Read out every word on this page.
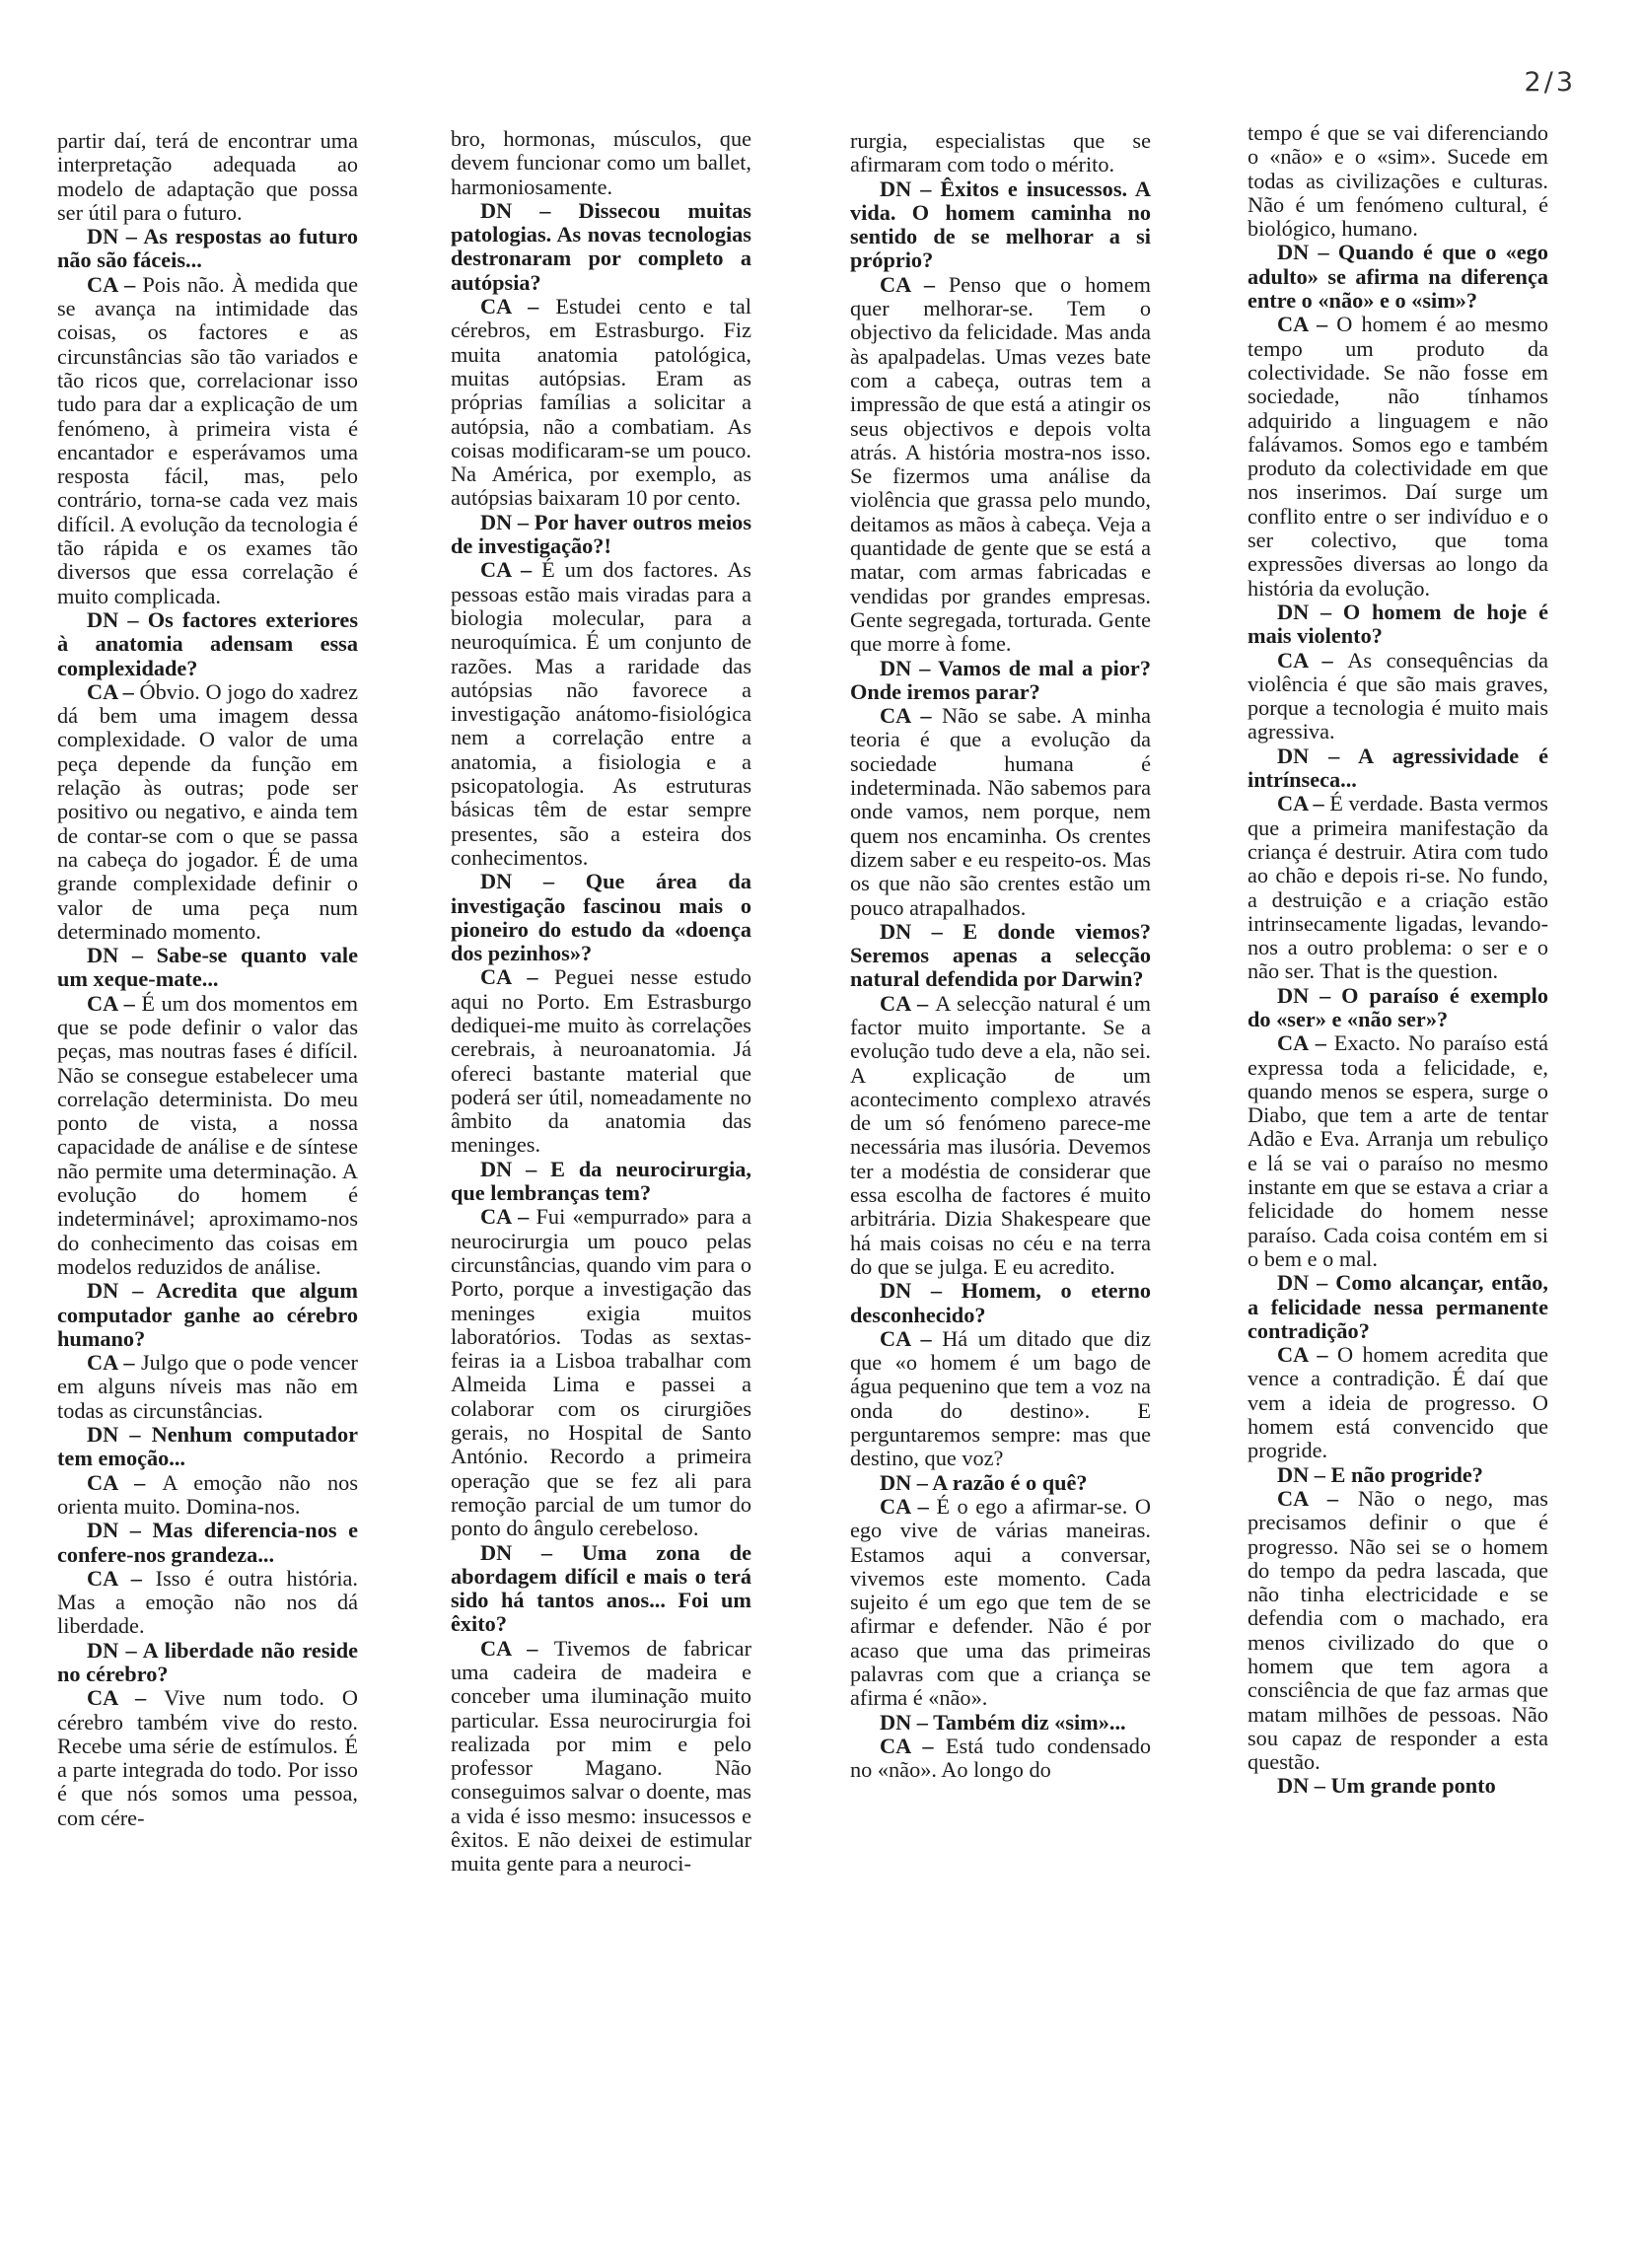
2/3

partir daí, terá de encontrar uma interpretação adequada ao modelo de adaptação que possa ser útil para o futuro.

DN – As respostas ao futuro não são fáceis...

CA – Pois não. À medida que se avança na intimidade das coisas, os factores e as circunstâncias são tão variados e tão ricos que, correlacionar isso tudo para dar a explicação de um fenómeno, à primeira vista é encantador e esperávamos uma resposta fácil, mas, pelo contrário, torna-se cada vez mais difícil. A evolução da tecnologia é tão rápida e os exames tão diversos que essa correlação é muito complicada.

DN – Os factores exteriores à anatomia adensam essa complexidade?

CA – Óbvio. O jogo do xadrez dá bem uma imagem dessa complexidade. O valor de uma peça depende da função em relação às outras; pode ser positivo ou negativo, e ainda tem de contar-se com o que se passa na cabeça do jogador. É de uma grande complexidade definir o valor de uma peça num determinado momento.

DN – Sabe-se quanto vale um xeque-mate...

CA – É um dos momentos em que se pode definir o valor das peças, mas noutras fases é difícil. Não se consegue estabelecer uma correlação determinista. Do meu ponto de vista, a nossa capacidade de análise e de síntese não permite uma determinação. A evolução do homem é indeterminável; aproximamo-nos do conhecimento das coisas em modelos reduzidos de análise.

DN – Acredita que algum computador ganhe ao cérebro humano?

CA – Julgo que o pode vencer em alguns níveis mas não em todas as circunstâncias.

DN – Nenhum computador tem emoção...

CA – A emoção não nos orienta muito. Domina-nos.

DN – Mas diferencia-nos e confere-nos grandeza...

CA – Isso é outra história. Mas a emoção não nos dá liberdade.

DN – A liberdade não reside no cérebro?

CA – Vive num todo. O cérebro também vive do resto. Recebe uma série de estímulos. É a parte integrada do todo. Por isso é que nós somos uma pessoa, com cére-

bro, hormonas, músculos, que devem funcionar como um ballet, harmoniosamente.

DN – Dissecou muitas patologias. As novas tecnologias destronaram por completo a autópsia?

CA – Estudei cento e tal cérebros, em Estrasburgo. Fiz muita anatomia patológica, muitas autópsias. Eram as próprias famílias a solicitar a autópsia, não a combatiam. As coisas modificaram-se um pouco. Na América, por exemplo, as autópsias baixaram 10 por cento.

DN – Por haver outros meios de investigação?!

CA – É um dos factores. As pessoas estão mais viradas para a biologia molecular, para a neuroquímica. É um conjunto de razões. Mas a raridade das autópsias não favorece a investigação anátomo-fisiológica nem a correlação entre a anatomia, a fisiologia e a psicopatologia. As estruturas básicas têm de estar sempre presentes, são a esteira dos conhecimentos.

DN – Que área da investigação fascinou mais o pioneiro do estudo da «doença dos pezinhos»?

CA – Peguei nesse estudo aqui no Porto. Em Estrasburgo dediquei-me muito às correlações cerebrais, à neuroanatomia. Já ofereci bastante material que poderá ser útil, nomeadamente no âmbito da anatomia das meninges.

DN – E da neurocirurgia, que lembranças tem?

CA – Fui «empurrado» para a neurocirurgia um pouco pelas circunstâncias, quando vim para o Porto, porque a investigação das meninges exigia muitos laboratórios. Todas as sextas-feiras ia a Lisboa trabalhar com Almeida Lima e passei a colaborar com os cirurgiões gerais, no Hospital de Santo António. Recordo a primeira operação que se fez ali para remoção parcial de um tumor do ponto do ângulo cerebeloso.

DN – Uma zona de abordagem difícil e mais o terá sido há tantos anos... Foi um êxito?

CA – Tivemos de fabricar uma cadeira de madeira e conceber uma iluminação muito particular. Essa neurocirurgia foi realizada por mim e pelo professor Magano. Não conseguimos salvar o doente, mas a vida é isso mesmo: insucessos e êxitos. E não deixei de estimular muita gente para a neuroci-

rurgia, especialistas que se afirmaram com todo o mérito.

DN – Êxitos e insucessos. A vida. O homem caminha no sentido de se melhorar a si próprio?

CA – Penso que o homem quer melhorar-se. Tem o objectivo da felicidade. Mas anda às apalpadelas. Umas vezes bate com a cabeça, outras tem a impressão de que está a atingir os seus objectivos e depois volta atrás. A história mostra-nos isso. Se fizermos uma análise da violência que grassa pelo mundo, deitamos as mãos à cabeça. Veja a quantidade de gente que se está a matar, com armas fabricadas e vendidas por grandes empresas. Gente segregada, torturada. Gente que morre à fome.

DN – Vamos de mal a pior? Onde iremos parar?

CA – Não se sabe. A minha teoria é que a evolução da sociedade humana é indeterminada. Não sabemos para onde vamos, nem porque, nem quem nos encaminha. Os crentes dizem saber e eu respeito-os. Mas os que não são crentes estão um pouco atrapalhados.

DN – E donde viemos? Seremos apenas a selecção natural defendida por Darwin?

CA – A selecção natural é um factor muito importante. Se a evolução tudo deve a ela, não sei. A explicação de um acontecimento complexo através de um só fenómeno parece-me necessária mas ilusória. Devemos ter a modéstia de considerar que essa escolha de factores é muito arbitrária. Dizia Shakespeare que há mais coisas no céu e na terra do que se julga. E eu acredito.

DN – Homem, o eterno desconhecido?

CA – Há um ditado que diz que «o homem é um bago de água pequenino que tem a voz na onda do destino». E perguntaremos sempre: mas que destino, que voz?

DN – A razão é o quê?

CA – É o ego a afirmar-se. O ego vive de várias maneiras. Estamos aqui a conversar, vivemos este momento. Cada sujeito é um ego que tem de se afirmar e defender. Não é por acaso que uma das primeiras palavras com que a criança se afirma é «não».

DN – Também diz «sim»...

CA – Está tudo condensado no «não». Ao longo do

tempo é que se vai diferenciando o «não» e o «sim». Sucede em todas as civilizações e culturas. Não é um fenómeno cultural, é biológico, humano.

DN – Quando é que o «ego adulto» se afirma na diferença entre o «não» e o «sim»?

CA – O homem é ao mesmo tempo um produto da colectividade. Se não fosse em sociedade, não tínhamos adquirido a linguagem e não falávamos. Somos ego e também produto da colectividade em que nos inserimos. Daí surge um conflito entre o ser indivíduo e o ser colectivo, que toma expressões diversas ao longo da história da evolução.

DN – O homem de hoje é mais violento?

CA – As consequências da violência é que são mais graves, porque a tecnologia é muito mais agressiva.

DN – A agressividade é intrínseca...

CA – É verdade. Basta vermos que a primeira manifestação da criança é destruir. Atira com tudo ao chão e depois ri-se. No fundo, a destruição e a criação estão intrinsecamente ligadas, levando-nos a outro problema: o ser e o não ser. That is the question.

DN – O paraíso é exemplo do «ser» e «não ser»?

CA – Exacto. No paraíso está expressa toda a felicidade, e, quando menos se espera, surge o Diabo, que tem a arte de tentar Adão e Eva. Arranja um rebuliço e lá se vai o paraíso no mesmo instante em que se estava a criar a felicidade do homem nesse paraíso. Cada coisa contém em si o bem e o mal.

DN – Como alcançar, então, a felicidade nessa permanente contradição?

CA – O homem acredita que vence a contradição. É daí que vem a ideia de progresso. O homem está convencido que progride.

DN – E não progride?

CA – Não o nego, mas precisamos definir o que é progresso. Não sei se o homem do tempo da pedra lascada, que não tinha electricidade e se defendia com o machado, era menos civilizado do que o homem que tem agora a consciência de que faz armas que matam milhões de pessoas. Não sou capaz de responder a esta questão.

DN – Um grande ponto
